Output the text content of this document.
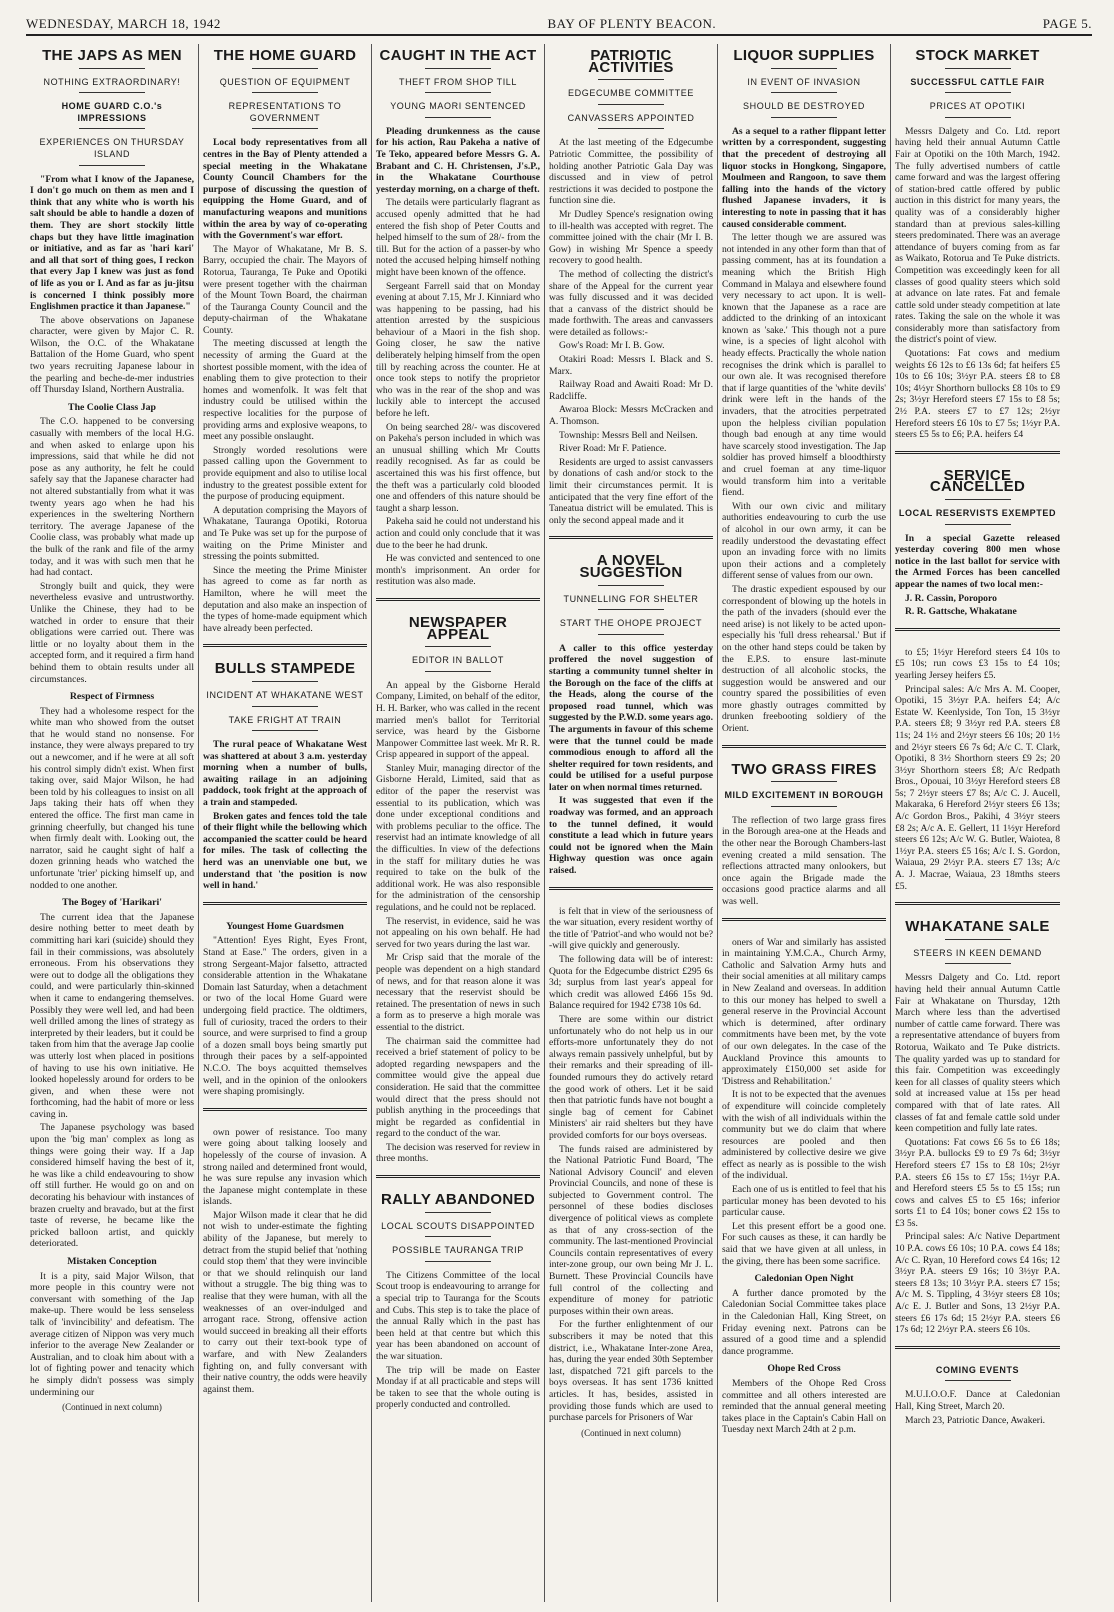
WEDNESDAY, MARCH 18, 1942	BAY OF PLENTY BEACON.	PAGE 5.
THE JAPS AS MEN
NOTHING EXTRAORDINARY!
HOME GUARD C.O.'s IMPRESSIONS
EXPERIENCES ON THURSDAY ISLAND

"From what I know of the Japanese, I don't go much on them as men and I think that any white who is worth his salt should be able to handle a dozen of them. They are short stockily little chaps but they have little imagination or initiative, and as far as 'hari kari' and all that sort of thing goes, I reckon that every Jap I knew was just as fond of life as you or I. And as far as ju-jitsu is concerned I think possibly more Englishmen practice it than Japanese."

The above observations on Japanese character, were given by Major C. R. Wilson, the O.C. of the Whakatane Battalion of the Home Guard, who spent two years recruiting Japanese labour in the pearling and beche-de-mer industries off Thursday Island, Northern Australia.

The Coolie Class Jap

The C.O. happened to be conversing casually with members of the local H.G. and when asked to enlarge upon his impressions, said that while he did not pose as any authority, he felt he could safely say that the Japanese character had not altered substantially from what it was twenty years ago when he had his experiences in the sweltering Northern territory. The average Japanese of the Coolie class, was probably what made up the bulk of the rank and file of the army today, and it was with such men that he had had contact.

Strongly built and quick, they were nevertheless evasive and untrustworthy. Unlike the Chinese, they had to be watched in order to ensure that their obligations were carried out. There was little or no loyalty about them in the accepted form, and it required a firm hand behind them to obtain results under all circumstances.

Respect of Firmness

They had a wholesome respect for the white man who showed from the outset that he would stand no nonsense. For instance, they were always prepared to try out a newcomer, and if he were at all soft his control simply didn't exist. When first taking over, said Major Wilson, he had been told by his colleagues to insist on all Japs taking their hats off when they entered the office. The first man came in grinning cheerfully, but changed his tune when firmly dealt with. Looking out, the narrator, said he caught sight of half a dozen grinning heads who watched the unfortunate 'trier' picking himself up, and nodded to one another.

The Bogey of 'Harikari'

The current idea that the Japanese desire nothing better to meet death by committing hari kari (suicide) should they fail in their commissions, was absolutely erroneous. From his observations they were out to dodge all the obligations they could, and were particularly thin-skinned when it came to endangering themselves. Possibly they were well led, and had been well drilled among the lines of strategy as interpreted by their leaders, but it could be taken from him that the average Jap coolie was utterly lost when placed in positions of having to use his own initiative. He looked hopelessly around for orders to be given, and when these were not forthcoming, had the habit of more or less caving in.

The Japanese psychology was based upon the 'big man' complex as long as things were going their way. If a Jap considered himself having the best of it, he was like a child endeavouring to show off still further. He would go on and on decorating his behaviour with instances of brazen cruelty and bravado, but at the first taste of reverse, he became like the pricked balloon artist, and quickly deteriorated.

Mistaken Conception

It is a pity, said Major Wilson, that more people in this country were not conversant with something of the Jap make-up. There would be less senseless talk of 'invincibility' and defeatism. The average citizen of Nippon was very much inferior to the average New Zealander or Australian, and to cloak him about with a lot of fighting power and tenacity which he simply didn't possess was simply undermining our

(Continued in next column)
THE HOME GUARD
QUESTION OF EQUIPMENT
REPRESENTATIONS TO GOVERNMENT

Local body representatives from all centres in the Bay of Plenty attended a special meeting in the Whakatane County Council Chambers for the purpose of discussing the question of equipping the Home Guard, and of manufacturing weapons and munitions within the area by way of co-operating with the Government's war effort.

The Mayor of Whakatane, Mr B. S. Barry, occupied the chair. The Mayors of Rotorua, Tauranga, Te Puke and Opotiki were present together with the chairman of the Mount Town Board, the chairman of the Tauranga County Council and the deputy-chairman of the Whakatane County.

The meeting discussed at length the necessity of arming the Guard at the shortest possible moment, with the idea of enabling them to give protection to their homes and womenfolk. It was felt that industry could be utilised within the respective localities for the purpose of providing arms and explosive weapons, to meet any possible onslaught.

Strongly worded resolutions were passed calling upon the Government to provide equipment and also to utilise local industry to the greatest possible extent for the purpose of producing equipment.

A deputation comprising the Mayors of Whakatane, Tauranga Opotiki, Rotorua and Te Puke was set up for the purpose of waiting on the Prime Minister and stressing the points submitted.

Since the meeting the Prime Minister has agreed to come as far north as Hamilton, where he will meet the deputation and also make an inspection of the types of home-made equipment which have already been perfected.

BULLS STAMPEDE
INCIDENT AT WHAKATANE WEST
TAKE FRIGHT AT TRAIN

The rural peace of Whakatane West was shattered at about 3 a.m. yesterday morning when a number of bulls, awaiting railage in an adjoining paddock, took fright at the approach of a train and stampeded.

Broken gates and fences told the tale of their flight while the bellowing which accompanied the scatter could be heard for miles. The task of collecting the herd was an unenviable one but, we understand that 'the position is now well in hand.'

Youngest Home Guardsmen

"Attention! Eyes Right, Eyes Front, Stand at Ease." The orders, given in a strong Sergeant-Major falsetto, attracted considerable attention in the Whakatane Domain last Saturday, when a detachment or two of the local Home Guard were undergoing field practice. The oldtimers, full of curiosity, traced the orders to their source, and were surprised to find a group of a dozen small boys being smartly put through their paces by a self-appointed N.C.O. The boys acquitted themselves well, and in the opinion of the onlookers were shaping promisingly.

own power of resistance. Too many were going about talking loosely and hopelessly of the course of invasion. A strong nailed and determined front would, he was sure repulse any invasion which the Japanese might contemplate in these islands.

Major Wilson made it clear that he did not wish to under-estimate the fighting ability of the Japanese, but merely to detract from the stupid belief that 'nothing could stop them' that they were invincible or that we should relinquish our land without a struggle. The big thing was to realise that they were human, with all the weaknesses of an over-indulged and arrogant race. Strong, offensive action would succeed in breaking all their efforts to carry out their text-book type of warfare, and with New Zealanders fighting on, and fully conversant with their native country, the odds were heavily against them.

CAUGHT IN THE ACT
THEFT FROM SHOP TILL
YOUNG MAORI SENTENCED

Pleading drunkenness as the cause for his action, Rau Pakeha a native of Te Teko, appeared before Messrs G. A. Brabant and C. H. Christensen, J's.P., in the Whakatane Courthouse yesterday morning, on a charge of theft.

The details were particularly flagrant as accused openly admitted that he had entered the fish shop of Peter Coutts and helped himself to the sum of 28/- from the till. But for the action of a passer-by who noted the accused helping himself nothing might have been known of the offence.

Sergeant Farrell said that on Monday evening at about 7.15, Mr J. Kinniard who was happening to be passing, had his attention arrested by the suspicious behaviour of a Maori in the fish shop. Going closer, he saw the native deliberately helping himself from the open till by reaching across the counter. He at once took steps to notify the proprietor who was in the rear of the shop and was luckily able to intercept the accused before he left.

On being searched 28/- was discovered on Pakeha's person included in which was an unusual shilling which Mr Coutts readily recognised. As far as could be ascertained this was his first offence, but the theft was a particularly cold blooded one and offenders of this nature should be taught a sharp lesson.

Pakeha said he could not understand his action and could only conclude that it was due to the beer he had drunk.

He was convicted and sentenced to one month's imprisonment. An order for restitution was also made.

NEWSPAPER APPEAL
EDITOR IN BALLOT

An appeal by the Gisborne Herald Company, Limited, on behalf of the editor, H. H. Barker, who was called in the recent married men's ballot for Territorial service, was heard by the Gisborne Manpower Committee last week. Mr R. R. Crisp appeared in support of the appeal.

Stanley Muir, managing director of the Gisborne Herald, Limited, said that as editor of the paper the reservist was essential to its publication, which was done under exceptional conditions and with problems peculiar to the office. The reservist had an intimate knowledge of all the difficulties. In view of the defections in the staff for military duties he was required to take on the bulk of the additional work. He was also responsible for the administration of the censorship regulations, and he could not be replaced.

The reservist, in evidence, said he was not appealing on his own behalf. He had served for two years during the last war.

Mr Crisp said that the morale of the people was dependent on a high standard of news, and for that reason alone it was necessary that the reservist should be retained. The presentation of news in such a form as to preserve a high morale was essential to the district.

The chairman said the committee had received a brief statement of policy to be adopted regarding newspapers and the committee would give the appeal due consideration. He said that the committee would direct that the press should not publish anything in the proceedings that might be regarded as confidential in regard to the conduct of the war.

The decision was reserved for review in three months.

RALLY ABANDONED
LOCAL SCOUTS DISAPPOINTED
POSSIBLE TAURANGA TRIP

The Citizens Committee of the local Scout troop is endeavouring to arrange for a special trip to Tauranga for the Scouts and Cubs. This step is to take the place of the annual Rally which in the past has been held at that centre but which this year has been abandoned on account of the war situation.

The trip will be made on Easter Monday if at all practicable and steps will be taken to see that the whole outing is properly conducted and controlled.

PATRIOTIC ACTIVITIES
EDGECUMBE COMMITTEE
CANVASSERS APPOINTED

At the last meeting of the Edgecumbe Patriotic Committee, the possibility of holding another Patriotic Gala Day was discussed and in view of petrol restrictions it was decided to postpone the function sine die.

Mr Dudley Spence's resignation owing to ill-health was accepted with regret. The committee joined with the chair (Mr I. B. Gow) in wishing Mr Spence a speedy recovery to good health.

The method of collecting the district's share of the Appeal for the current year was fully discussed and it was decided that a canvass of the district should be made forthwith. The areas and canvassers were detailed as follows:-

Gow's Road: Mr I. B. Gow.

Otakiri Road: Messrs I. Black and S. Marx.

Railway Road and Awaiti Road: Mr D. Radcliffe.

Awaroa Block: Messrs McCracken and A. Thomson.

Township: Messrs Bell and Neilsen.

River Road: Mr F. Patience.

Residents are urged to assist canvassers by donations of cash and/or stock to the limit their circumstances permit. It is anticipated that the very fine effort of the Taneatua district will be emulated. This is only the second appeal made and it

A NOVEL SUGGESTION
TUNNELLING FOR SHELTER
START THE OHOPE PROJECT

A caller to this office yesterday proffered the novel suggestion of starting a community tunnel shelter in the Borough on the face of the cliffs at the Heads, along the course of the proposed road tunnel, which was suggested by the P.W.D. some years ago. The arguments in favour of this scheme were that the tunnel could be made commodious enough to afford all the shelter required for town residents, and could be utilised for a useful purpose later on when normal times returned.

It was suggested that even if the roadway was formed, and an approach to the tunnel defined, it would constitute a lead which in future years could not be ignored when the Main Highway question was once again raised.

is felt that in view of the seriousness of the war situation, every resident worthy of the title of 'Patriot'-and who would not be?-will give quickly and generously.

The following data will be of interest: Quota for the Edgecumbe district £295 6s 3d; surplus from last year's appeal for which credit was allowed £466 15s 9d. Balance required for 1942 £738 10s 6d.

There are some within our district unfortunately who do not help us in our efforts-more unfortunately they do not always remain passively unhelpful, but by their remarks and their spreading of ill-founded rumours they do actively retard the good work of others. Let it be said then that patriotic funds have not bought a single bag of cement for Cabinet Ministers' air raid shelters but they have provided comforts for our boys overseas.

The funds raised are administered by the National Patriotic Fund Board, 'The National Advisory Council' and eleven Provincial Councils, and none of these is subjected to Government control. The personnel of these bodies discloses divergence of political views as complete as that of any cross-section of the community. The last-mentioned Provincial Councils contain representatives of every inter-zone group, our own being Mr J. L. Burnett. These Provincial Councils have full control of the collecting and expenditure of money for patriotic purposes within their own areas.

For the further enlightenment of our subscribers it may be noted that this district, i.e., Whakatane Inter-zone Area, has, during the year ended 30th September last, dispatched 721 gift parcels to the boys overseas. It has sent 1736 knitted articles. It has, besides, assisted in providing those funds which are used to purchase parcels for Prisoners of War

(Continued in next column)
LIQUOR SUPPLIES
IN EVENT OF INVASION
SHOULD BE DESTROYED

As a sequel to a rather flippant letter written by a correspondent, suggesting that the precedent of destroying all liquor stocks in Hongkong, Singapore, Moulmeen and Rangoon, to save them falling into the hands of the victory flushed Japanese invaders, it is interesting to note in passing that it has caused considerable comment.

The letter though we are assured was not intended in any other form than that of passing comment, has at its foundation a meaning which the British High Command in Malaya and elsewhere found very necessary to act upon. It is well-known that the Japanese as a race are addicted to the drinking of an intoxicant known as 'sake.' This though not a pure wine, is a species of light alcohol with heady effects. Practically the whole nation recognises the drink which is parallel to our own ale. It was recognised therefore that if large quantities of the 'white devils' drink were left in the hands of the invaders, that the atrocities perpetrated upon the helpless civilian population though bad enough at any time would have scarcely stood investigation. The Jap soldier has proved himself a bloodthirsty and cruel foeman at any time-liquor would transform him into a veritable fiend.

With our own civic and military authorities endeavouring to curb the use of alcohol in our own army, it can be readily understood the devastating effect upon an invading force with no limits upon their actions and a completely different sense of values from our own.

The drastic expedient espoused by our correspondent of blowing up the hotels in the path of the invaders (should ever the need arise) is not likely to be acted upon-especially his 'full dress rehearsal.' But if on the other hand steps could be taken by the E.P.S. to ensure last-minute destruction of all alcoholic stocks, the suggestion would be answered and our country spared the possibilities of even more ghastly outrages committed by drunken freebooting soldiery of the Orient.

TWO GRASS FIRES
MILD EXCITEMENT IN BOROUGH

The reflection of two large grass fires in the Borough area-one at the Heads and the other near the Borough Chambers-last evening created a mild sensation. The reflections attracted many onlookers, but once again the Brigade made the occasions good practice alarms and all was well.

oners of War and similarly has assisted in maintaining Y.M.C.A., Church Army, Catholic and Salvation Army huts and their social amenities at all military camps in New Zealand and overseas. In addition to this our money has helped to swell a general reserve in the Provincial Account which is determined, after ordinary commitments have been met, by the vote of our own delegates. In the case of the Auckland Province this amounts to approximately £150,000 set aside for 'Distress and Rehabilitation.'

It is not to be expected that the avenues of expenditure will coincide completely with the wish of all individuals within the community but we do claim that where resources are pooled and then administered by collective desire we give effect as nearly as is possible to the wish of the individual.

Each one of us is entitled to feel that his particular money has been devoted to his particular cause.

Let this present effort be a good one. For such causes as these, it can hardly be said that we have given at all unless, in the giving, there has been some sacrifice.

Caledonian Open Night

A further dance promoted by the Caledonian Social Committee takes place in the Caledonian Hall, King Street, on Friday evening next. Patrons can be assured of a good time and a splendid dance programme.

Ohope Red Cross

Members of the Ohope Red Cross committee and all others interested are reminded that the annual general meeting takes place in the Captain's Cabin Hall on Tuesday next March 24th at 2 p.m.

STOCK MARKET
SUCCESSFUL CATTLE FAIR
PRICES AT OPOTIKI

Messrs Dalgety and Co. Ltd. report having held their annual Autumn Cattle Fair at Opotiki on the 10th March, 1942. The fully advertised numbers of cattle came forward and was the largest offering of station-bred cattle offered by public auction in this district for many years, the quality was of a considerably higher standard than at previous sales-killing steers predominated. There was an average attendance of buyers coming from as far as Waikato, Rotorua and Te Puke districts. Competition was exceedingly keen for all classes of good quality steers which sold at advance on late rates. Fat and female cattle sold under steady competition at late rates. Taking the sale on the whole it was considerably more than satisfactory from the district's point of view.

Quotations: Fat cows and medium weights £6 12s to £6 13s 6d; fat heifers £5 10s to £6 10s; 3½yr P.A. steers £8 to £8 10s; 4½yr Shorthorn bullocks £8 10s to £9 2s; 3½yr Hereford steers £7 15s to £8 5s; 2½ P.A. steers £7 to £7 12s; 2½yr Hereford steers £6 10s to £7 5s; 1½yr P.A. steers £5 5s to £6; P.A. heifers £4

SERVICE CANCELLED
LOCAL RESERVISTS EXEMPTED

In a special Gazette released yesterday covering 800 men whose notice in the last ballot for service with the Armed Forces has been cancelled appear the names of two local men:-

J. R. Cassin, Poroporo

R. R. Gattsche, Whakatane

to £5; 1½yr Hereford steers £4 10s to £5 10s; run cows £3 15s to £4 10s; yearling Jersey heifers £5.

Principal sales: A/c Mrs A. M. Cooper, Opotiki, 15 3½yr P.A. heifers £4; A/c Estate W. Keenlyside, Ton Ton, 15 3½yr P.A. steers £8; 9 3½yr red P.A. steers £8 11s; 24 1½ and 2½yr steers £6 10s; 20 1½ and 2½yr steers £6 7s 6d; A/c C. T. Clark, Opotiki, 8 3½ Shorthorn steers £9 2s; 20 3½yr Shorthorn steers £8; A/c Redpath Bros., Opouai, 10 3½yr Hereford steers £8 5s; 7 2½yr steers £7 8s; A/c C. J. Aucell, Makaraka, 6 Hereford 2½yr steers £6 13s; A/c Gordon Bros., Pakihi, 4 3½yr steers £8 2s; A/c A. E. Gellert, 11 1½yr Hereford steers £6 12s; A/c W. G. Butler, Waiotea, 8 1½yr P.A. steers £5 16s; A/c I. S. Gordon, Waiaua, 29 2½yr P.A. steers £7 13s; A/c A. J. Macrae, Waiaua, 23 18mths steers £5.

WHAKATANE SALE
STEERS IN KEEN DEMAND

Messrs Dalgety and Co. Ltd. report having held their annual Autumn Cattle Fair at Whakatane on Thursday, 12th March where less than the advertised number of cattle came forward. There was a representative attendance of buyers from Rotorua, Waikato and Te Puke districts. The quality yarded was up to standard for this fair. Competition was exceedingly keen for all classes of quality steers which sold at increased value at 15s per head compared with that of late rates. All classes of fat and female cattle sold under keen competition and fully late rates.

Quotations: Fat cows £6 5s to £6 18s; 3½yr P.A. bullocks £9 to £9 7s 6d; 3½yr Hereford steers £7 15s to £8 10s; 2½yr P.A. steers £6 15s to £7 15s; 1½yr P.A. and Hereford steers £5 5s to £5 15s; run cows and calves £5 to £5 16s; inferior sorts £1 to £4 10s; boner cows £2 15s to £3 5s.

Principal sales: A/c Native Department 10 P.A. cows £6 10s; 10 P.A. cows £4 18s; A/c C. Ryan, 10 Hereford cows £4 16s; 12 3½yr P.A. steers £9 16s; 10 3½yr P.A. steers £8 13s; 10 3½yr P.A. steers £7 15s; A/c M. S. Tippling, 4 3½yr steers £8 10s; A/c E. J. Butler and Sons, 13 2½yr P.A. steers £6 17s 6d; 15 2½yr P.A. steers £6 17s 6d; 12 2½yr P.A. steers £6 10s.

COMING EVENTS

M.U.I.O.O.F. Dance at Caledonian Hall, King Street, March 20.

March 23, Patriotic Dance, Awakeri.
